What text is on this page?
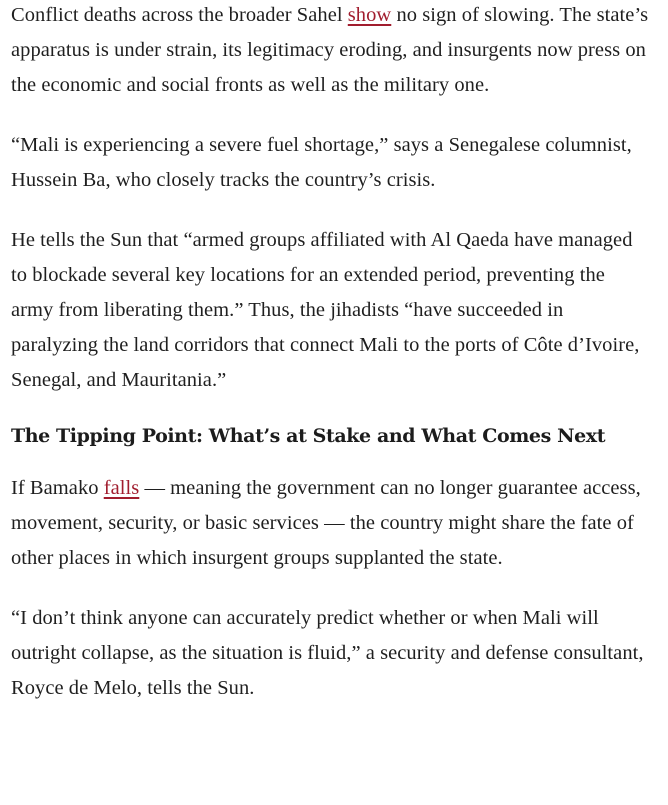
Conflict deaths across the broader Sahel show no sign of slowing. The state’s apparatus is under strain, its legitimacy eroding, and insurgents now press on the economic and social fronts as well as the military one.

“Mali is experiencing a severe fuel shortage,” says a Senegalese columnist, Hussein Ba, who closely tracks the country’s crisis.

He tells the Sun that “armed groups affiliated with Al Qaeda have managed to blockade several key locations for an extended period, preventing the army from liberating them.” Thus, the jihadists “have succeeded in paralyzing the land corridors that connect Mali to the ports of Côte d’Ivoire, Senegal, and Mauritania.”

The Tipping Point: What’s at Stake and What Comes Next

If Bamako falls — meaning the government can no longer guarantee access, movement, security, or basic services — the country might share the fate of other places in which insurgent groups supplanted the state.

“I don’t think anyone can accurately predict whether or when Mali will outright collapse, as the situation is fluid,” a security and defense consultant, Royce de Melo, tells the Sun.
